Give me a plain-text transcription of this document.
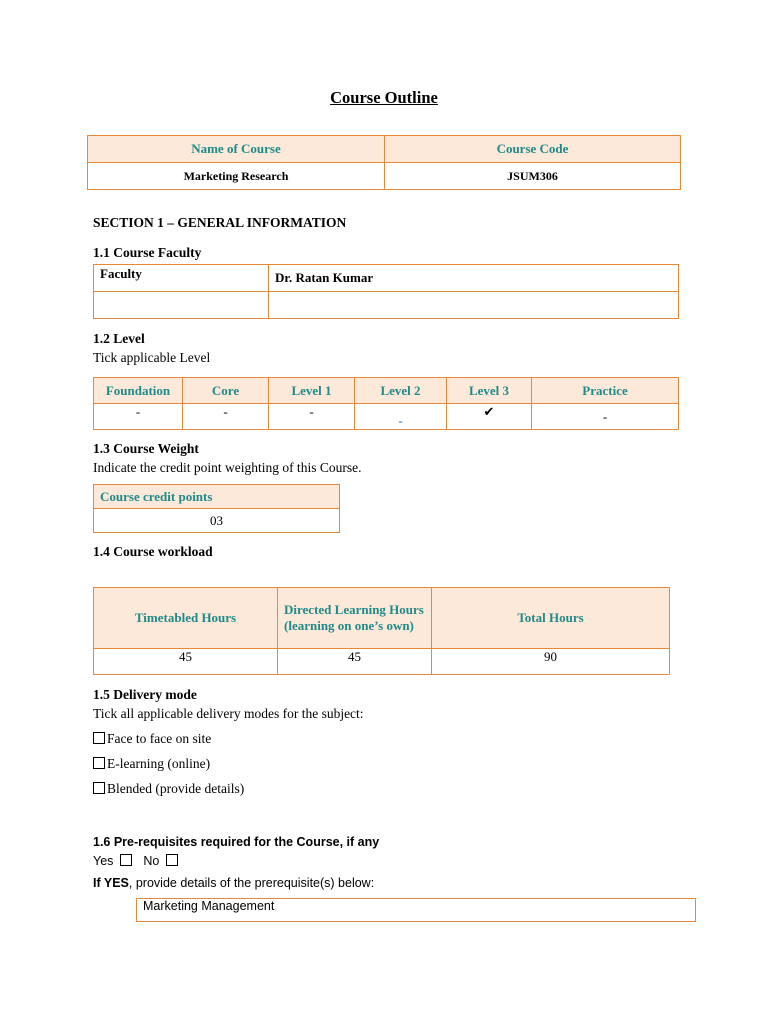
Course Outline
Name of Course	Course Code
Marketing Research	JSUM306
SECTION 1 – GENERAL INFORMATION
1.1 Course Faculty
Faculty	Dr. Ratan Kumar

1.2 Level
Tick applicable Level
Foundation	Core	Level 1	Level 2	Level 3	Practice
-	-	-	-	✔	-
1.3 Course Weight
Indicate the credit point weighting of this Course.
Course credit points
03
1.4 Course workload
Timetabled Hours	Directed Learning Hours (learning on one’s own)	Total Hours
45	45	90
1.5 Delivery mode
Tick all applicable delivery modes for the subject:
Face to face on site
E-learning (online)
Blended (provide details)
1.6 Pre-requisites required for the Course, if any
Yes No
If YES, provide details of the prerequisite(s) below:
Marketing Management
